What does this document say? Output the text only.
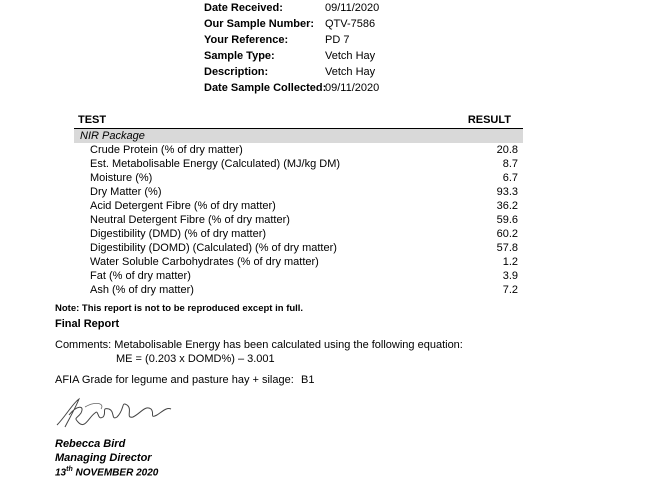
Date Received:	09/11/2020
Our Sample Number: QTV-7586
Your Reference:	PD 7
Sample Type:	Vetch Hay
Description:	Vetch Hay
Date Sample Collected:
09/11/2020
TEST	RESULT
NIR Package
Crude Protein (% of dry matter)	20.8
Est. Metabolisable Energy (Calculated) (MJ/kg DM)	8.7
Moisture (%)	6.7
Dry Matter (%)	93.3
Acid Detergent Fibre (% of dry matter)	36.2
Neutral Detergent Fibre (% of dry matter)	59.6
Digestibility (DMD) (% of dry matter)	60.2
Digestibility (DOMD) (Calculated) (% of dry matter)	57.8
Water Soluble Carbohydrates (% of dry matter)	1.2
Fat (% of dry matter)	3.9
Ash (% of dry matter)	7.2
Note: This report is not to be reproduced except in full.
Final Report
Comments: Metabolisable Energy has been calculated using the following equation:
ME = (0.203 x DOMD%) – 3.001
AFIA Grade for legume and pasture hay + silage: B1
Rebecca Bird
Managing Director
13th NOVEMBER 2020
